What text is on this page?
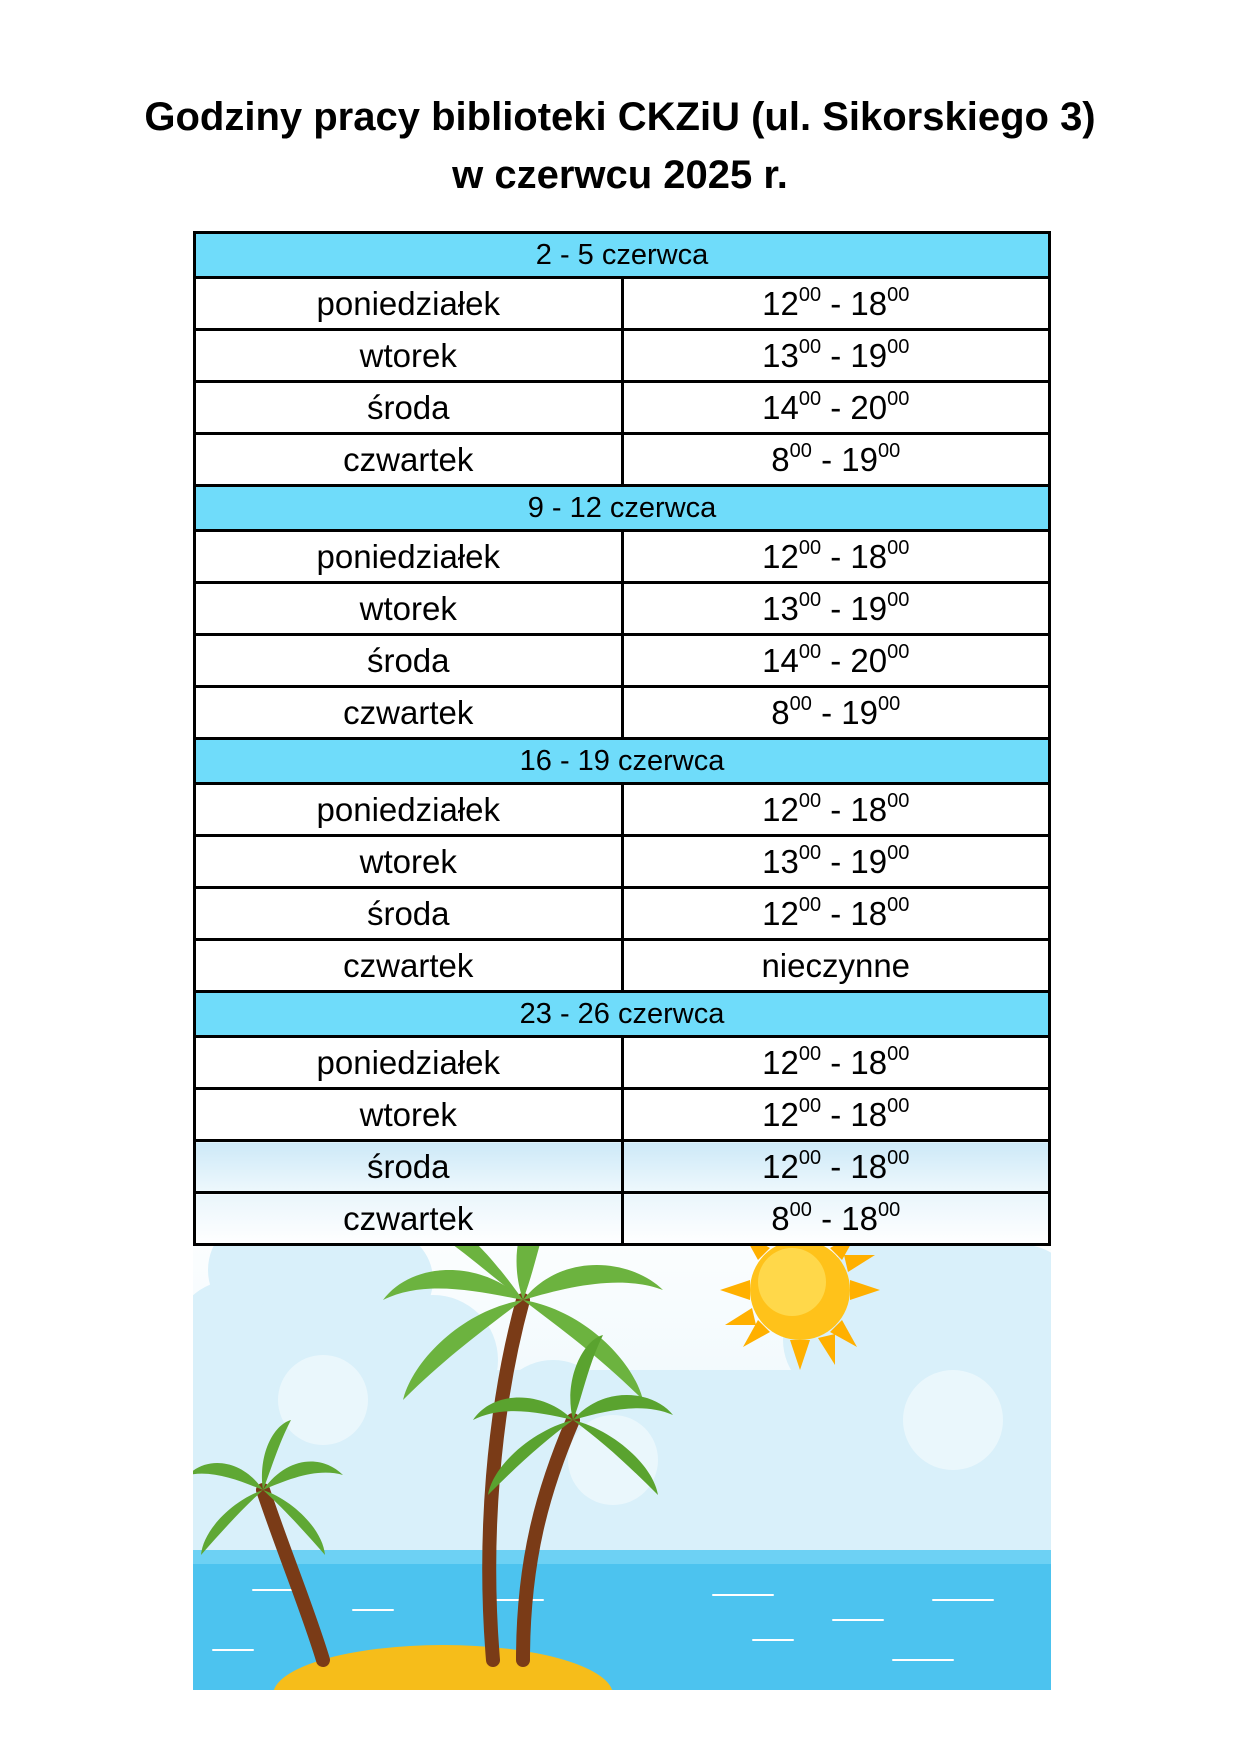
Godziny pracy biblioteki CKZiU (ul. Sikorskiego 3)
w czerwcu 2025 r.
2 - 5 czerwca	
poniedziałek	$12^{00} - 18^{00}$
wtorek	$13^{00} - 19^{00}$
środa	$14^{00} - 20^{00}$
czwartek	$8^{00} - 19^{00}$
9 - 12 czerwca	
poniedziałek	$12^{00} - 18^{00}$
wtorek	$13^{00} - 19^{00}$
środa	$14^{00} - 20^{00}$
czwartek	$8^{00} - 19^{00}$
16 - 19 czerwca	
poniedziałek	$12^{00} - 18^{00}$
wtorek	$13^{00} - 19^{00}$
środa	$12^{00} - 18^{00}$
czwartek	nieczynne
23 - 26 czerwca	
poniedziałek	$12^{00} - 18^{00}$
wtorek	$12^{00} - 18^{00}$
środa	$12^{00} - 18^{00}$
czwartek	$8^{00} - 18^{00}$
